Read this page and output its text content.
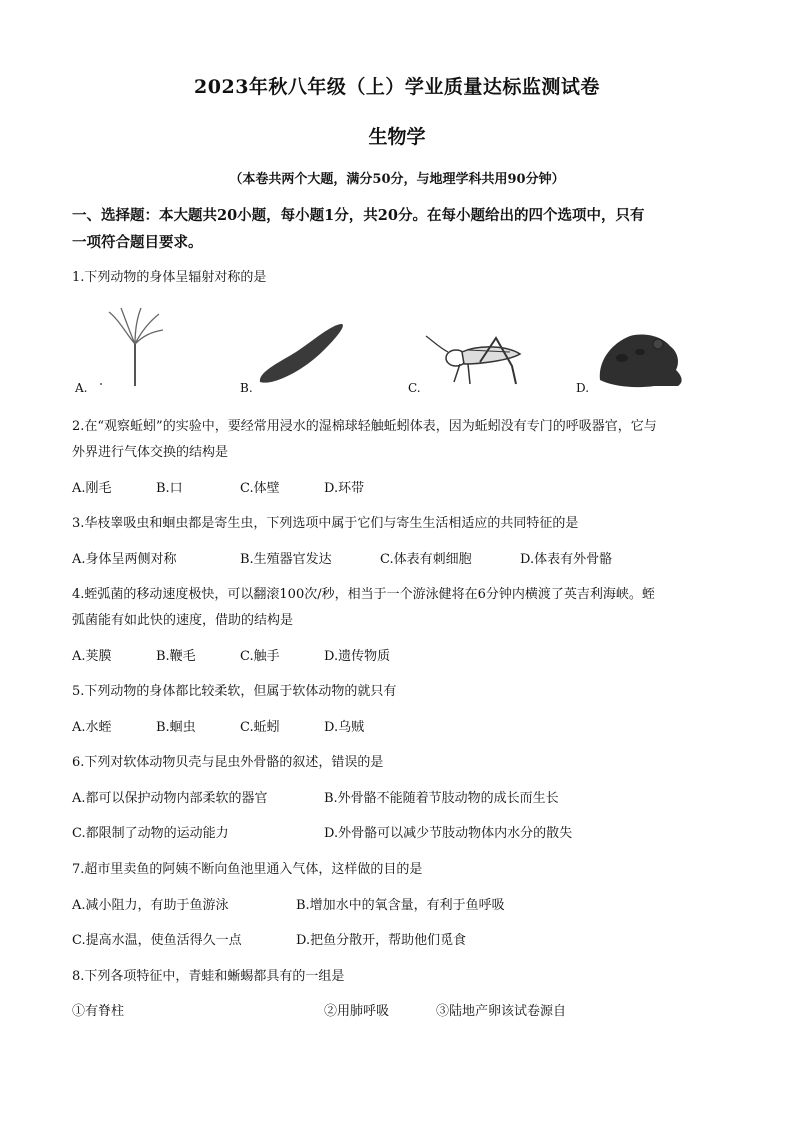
2023年秋八年级（上）学业质量达标监测试卷
生物学
（本卷共两个大题，满分50分，与地理学科共用90分钟）
一、选择题：本大题共20小题，每小题1分，共20分。在每小题给出的四个选项中，只有
一项符合题目要求。
1.下列动物的身体呈辐射对称的是
A.	B.	C.	D.
2.在“观察蚯蚓”的实验中，要经常用浸水的湿棉球轻触蚯蚓体表，因为蚯蚓没有专门的呼吸器官，它与
外界进行气体交换的结构是
A.刚毛	B.口	C.体壁	D.环带
3.华枝睾吸虫和蛔虫都是寄生虫，下列选项中属于它们与寄生生活相适应的共同特征的是
A.身体呈两侧对称	B.生殖器官发达	C.体表有刺细胞	D.体表有外骨骼
4.蛭弧菌的移动速度极快，可以翻滚100次/秒，相当于一个游泳健将在6分钟内横渡了英吉利海峡。蛭
弧菌能有如此快的速度，借助的结构是
A.荚膜	B.鞭毛	C.触手	D.遗传物质
5.下列动物的身体都比较柔软，但属于软体动物的就只有
A.水蛭	B.蛔虫	C.蚯蚓	D.乌贼
6.下列对软体动物贝壳与昆虫外骨骼的叙述，错误的是
A.都可以保护动物内部柔软的器官	B.外骨骼不能随着节肢动物的成长而生长
C.都限制了动物的运动能力	D.外骨骼可以减少节肢动物体内水分的散失
7.超市里卖鱼的阿姨不断向鱼池里通入气体，这样做的目的是
A.减小阻力，有助于鱼游泳	B.增加水中的氧含量，有利于鱼呼吸
C.提高水温，使鱼活得久一点	D.把鱼分散开，帮助他们觅食
8.下列各项特征中，青蛙和蜥蜴都具有的一组是
①有脊柱	②用肺呼吸	③陆地产卵该试卷源自
